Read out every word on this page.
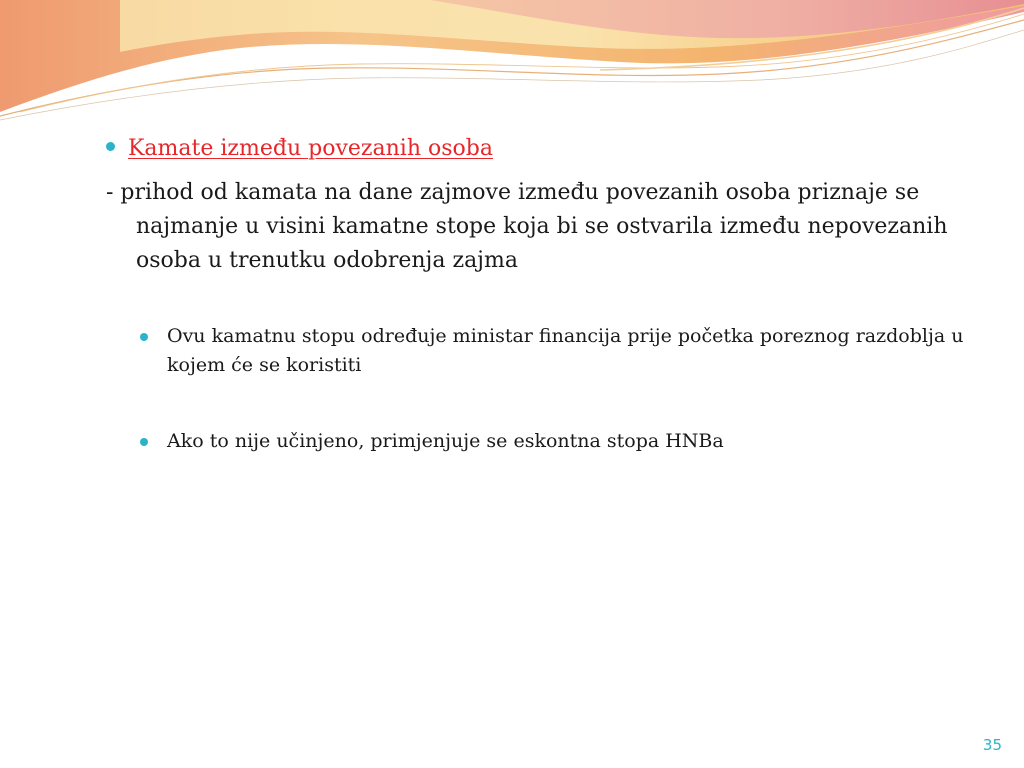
Kamate između povezanih osoba

- prihod od kamata na dane zajmove između povezanih osoba priznaje se najmanje u visini kamatne stope koja bi se ostvarila između nepovezanih osoba u trenutku odobrenja zajma

Ovu kamatnu stopu određuje ministar financija prije početka poreznog razdoblja u kojem će se koristiti
Ako to nije učinjeno, primjenjuje se eskontna stopa HNBa
35
